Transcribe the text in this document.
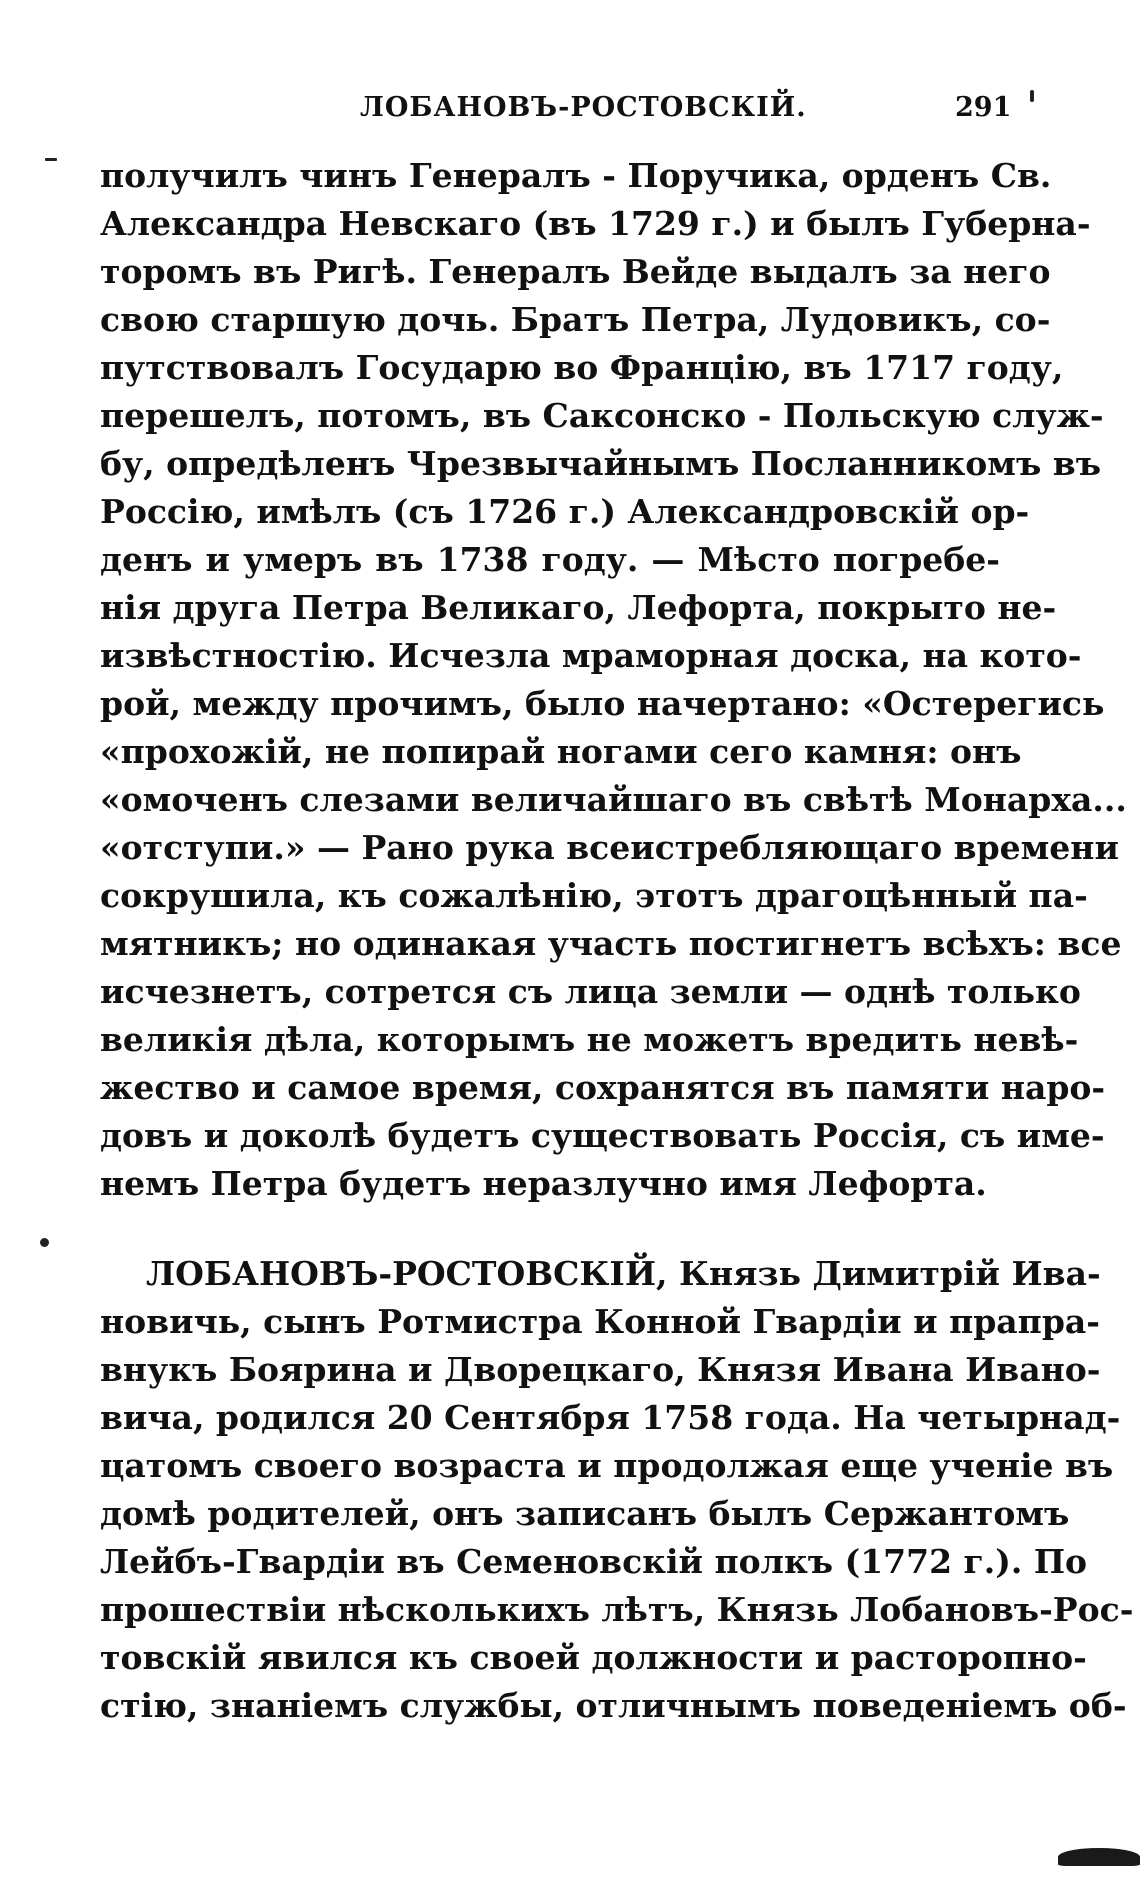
ЛОБАНОВЪ-РОСТОВСКІЙ.	291
получилъ чинъ Генералъ - Поручика, орденъ Св.
Александра Невскаго (въ 1729 г.) и былъ Губерна-
торомъ въ Ригѣ. Генералъ Вейде выдалъ за него
свою старшую дочь. Братъ Петра, Лудовикъ, со-
путствовалъ Государю во Францію, въ 1717 году,
перешелъ, потомъ, въ Саксонско - Польскую служ-
бу, опредѣленъ Чрезвычайнымъ Посланникомъ въ
Россію, имѣлъ (съ 1726 г.) Александровскій ор-
денъ и умеръ въ 1738 году. — Мѣсто погребе-
нія друга Петра Великаго, Лефорта, покрыто не-
извѣстностію. Исчезла мраморная доска, на кото-
рой, между прочимъ, было начертано: «Остерегись
«прохожій, не попирай ногами сего камня: онъ
«омоченъ слезами величайшаго въ свѣтѣ Монарха...
«отступи.» — Рано рука всеистребляющаго времени
сокрушила, къ сожалѣнію, этотъ драгоцѣнный па-
мятникъ; но одинакая участь постигнетъ всѣхъ: все
исчезнетъ, сотрется съ лица земли — однѣ только
великія дѣла, которымъ не можетъ вредить невѣ-
жество и самое время, сохранятся въ памяти наро-
довъ и доколѣ будетъ существовать Россія, съ име-
немъ Петра будетъ неразлучно имя Лефорта.
ЛОБАНОВЪ-РОСТОВСКІЙ, Князь Димитрій Ива-
новичь, сынъ Ротмистра Конной Гвардіи и прапра-
внукъ Боярина и Дворецкаго, Князя Ивана Ивано-
вича, родился 20 Сентября 1758 года. На четырнад-
цатомъ своего возраста и продолжая еще ученіе въ
домѣ родителей, онъ записанъ былъ Сержантомъ
Лейбъ-Гвардіи въ Семеновскій полкъ (1772 г.). По
прошествіи нѣсколькихъ лѣтъ, Князь Лобановъ-Рос-
товскій явился къ своей должности и расторопно-
стію, знаніемъ службы, отличнымъ поведеніемъ об-
